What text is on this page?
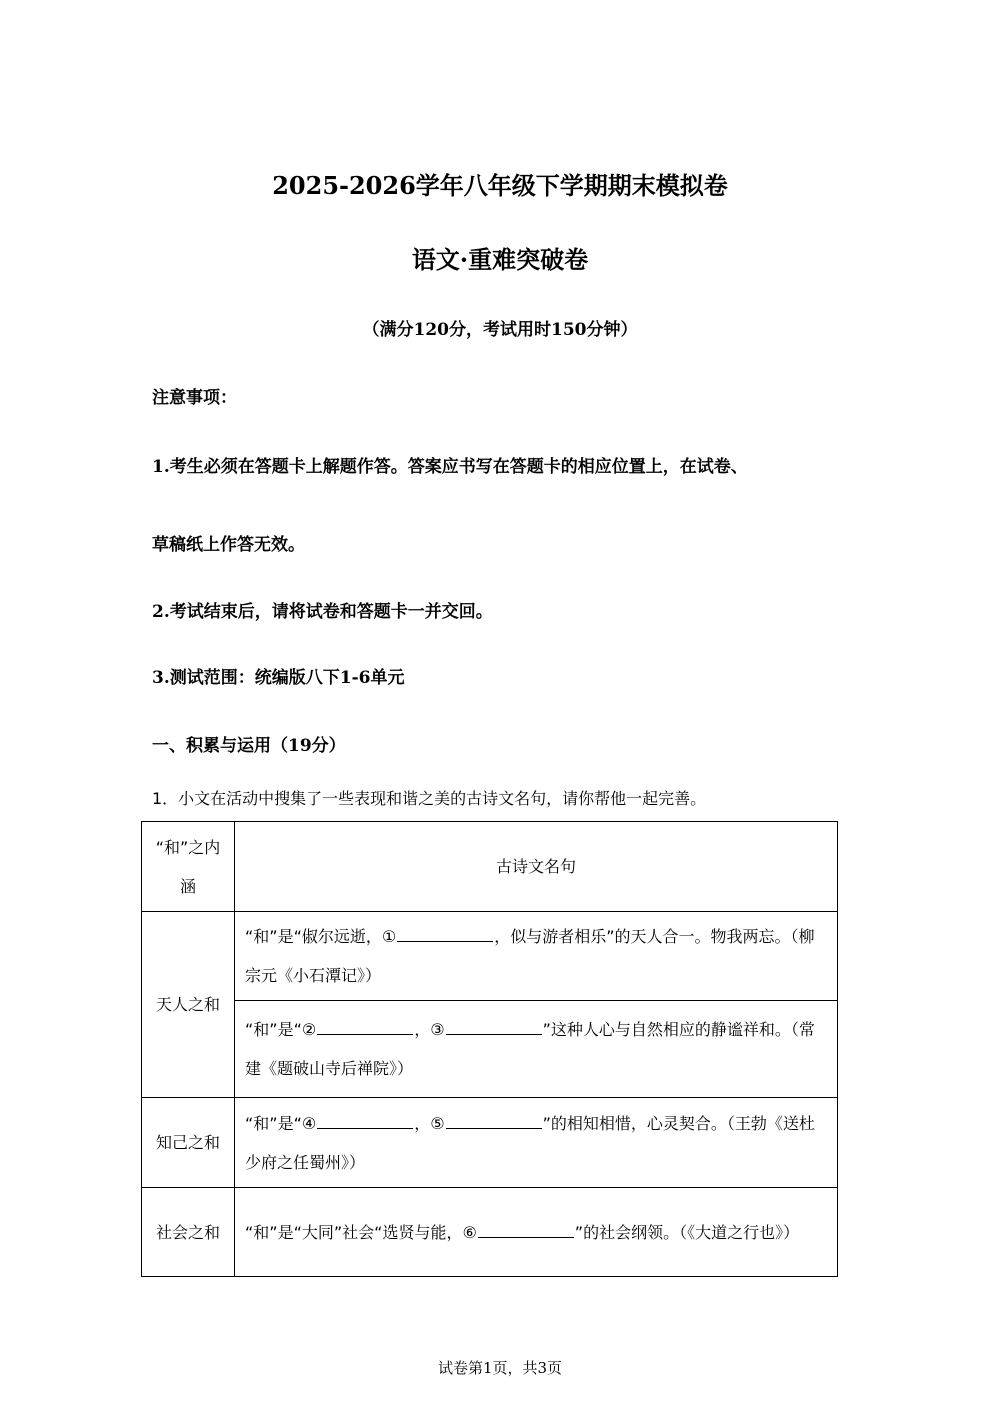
2025-2026学年八年级下学期期末模拟卷
语文·重难突破卷
（满分120分，考试用时150分钟）
注意事项：
1.考生必须在答题卡上解题作答。答案应书写在答题卡的相应位置上，在试卷、
草稿纸上作答无效。
2.考试结束后，请将试卷和答题卡一并交回。
3.测试范围：统编版八下1-6单元
一、积累与运用（19分）
1．小文在活动中搜集了一些表现和谐之美的古诗文名句，请你帮他一起完善。
“和”之内涵	古诗文名句
天人之和	“和”是“俶尔远逝，① ，似与游者相乐”的天人合一。物我两忘。（柳宗元《小石潭记》）
	“和”是“② ，③ ”这种人心与自然相应的静谧祥和。（常建《题破山寺后禅院》）
知己之和	“和”是“④ ，⑤ ”的相知相惜，心灵契合。（王勃《送杜少府之任蜀州》）
社会之和	“和”是“大同”社会“选贤与能，⑥ ”的社会纲领。（《大道之行也》）
试卷第1页，共3页
